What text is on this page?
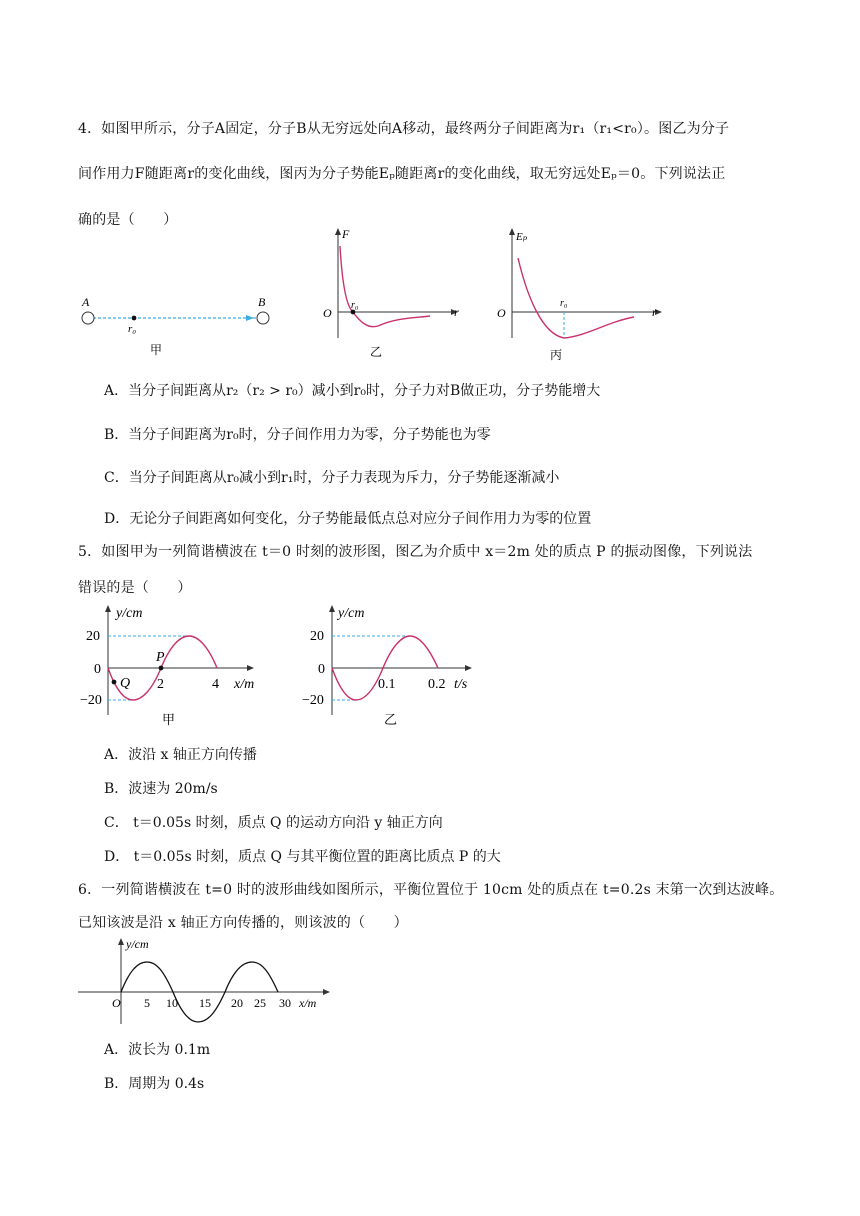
4．如图甲所示，分子A固定，分子B从无穷远处向A移动，最终两分子间距离为r₁（r₁<r₀）。图乙为分子
间作用力F随距离r的变化曲线，图丙为分子势能Eₚ随距离r的变化曲线，取无穷远处Eₚ＝0。下列说法正
确的是（　　）
A	B
r₀
甲
F
O
r₀	r
乙
Eₚ
O
r₀
r
丙
A．当分子间距离从r₂（r₂ > r₀）减小到r₀时，分子力对B做正功，分子势能增大
B．当分子间距离为r₀时，分子间作用力为零，分子势能也为零
C．当分子间距离从r₀减小到r₁时，分子力表现为斥力，分子势能逐渐减小
D．无论分子间距离如何变化，分子势能最低点总对应分子间作用力为零的位置
5．如图甲为一列简谐横波在 t＝0 时刻的波形图，图乙为介质中 x＝2m 处的质点 P 的振动图像，下列说法
错误的是（　　）
20
0
−20
y/cm
x/m
Q
P
2	4
甲
20
0
−20
y/cm
t/s
0.1 0.2
乙
A．波沿 x 轴正方向传播
B．波速为 20m/s
C． t＝0.05s 时刻，质点 Q 的运动方向沿 y 轴正方向
D． t＝0.05s 时刻，质点 Q 与其平衡位置的距离比质点 P 的大
6．一列简谐横波在 t=0 时的波形曲线如图所示，平衡位置位于 10cm 处的质点在 t=0.2s 末第一次到达波峰。
已知该波是沿 x 轴正方向传播的，则该波的（　　）
y/cm
O 5 10 15 20 25 30 x/m
A．波长为 0.1m
B．周期为 0.4s
